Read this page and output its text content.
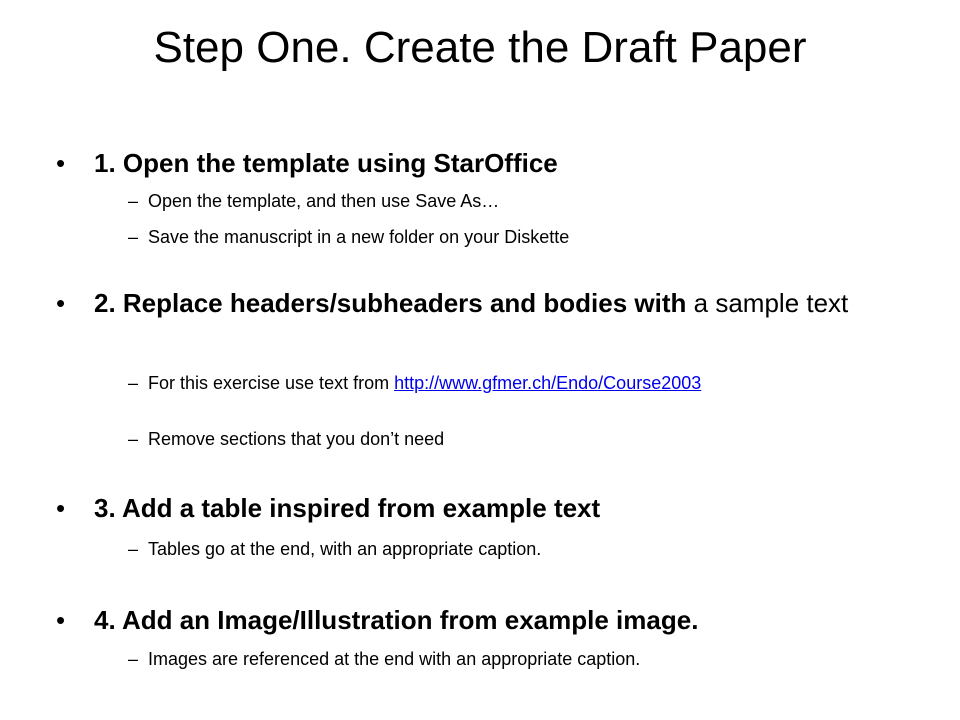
Step One. Create the Draft Paper
•	1. Open the template using StarOffice
– Open the template, and then use Save As…
– Save the manuscript in a new folder on your Diskette
•	2. Replace headers/subheaders and bodies with a sample text
– For this exercise use text from http://www.gfmer.ch/Endo/Course2003
– Remove sections that you don’t need
•	3. Add a table inspired from example text
– Tables go at the end, with an appropriate caption.
•	4. Add an Image/Illustration from example image.
– Images are referenced at the end with an appropriate caption.
